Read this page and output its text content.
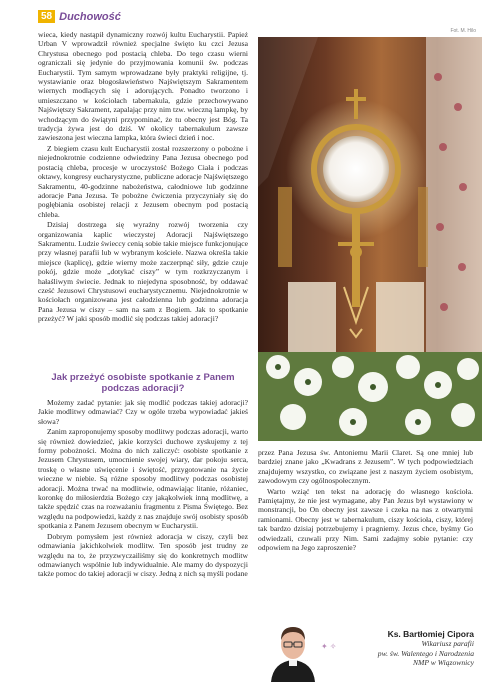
58 Duchowość
Fot. M. Hilo

wieca, kiedy nastąpił dynamiczny rozwój kultu Eucharystii. Papież Urban V wprowadził również specjalne święto ku czci Jezusa Chrystusa obecnego pod postacią chleba. Do tego czasu wierni ograniczali się jedynie do przyjmowania komunii św. podczas Eucharystii. Tym samym wprowadzane były praktyki religijne, tj. wystawianie oraz błogosławieństwo Najświętszym Sakramentem wiernych modlących się i adorujących. Ponadto tworzono i umieszczano w kościołach tabernakula, gdzie przechowywano Najświętszy Sakrament, zapalając przy nim tzw. wieczną lampkę, by wchodzącym do świątyni przypominać, że tu obecny jest Bóg. Ta tradycja żywa jest do dziś. W okolicy tabernakulum zawsze zawieszona jest wieczna lampka, która świeci dzień i noc.

Z biegiem czasu kult Eucharystii został rozszerzony o pobożne i niejednokrotnie codzienne odwiedziny Pana Jezusa obecnego pod postacią chleba, procesje w uroczystość Bożego Ciała i podczas oktawy, kongresy eucharystyczne, publiczne adoracje Najświętszego Sakramentu, 40-godzinne nabożeństwa, całodniowe lub godzinne adoracje Pana Jezusa. Te pobożne ćwiczenia przyczyniały się do pogłębiania osobistej relacji z Jezusem obecnym pod postacią chleba.

Dzisiaj dostrzega się wyraźny rozwój tworzenia czy organizowania kaplic wieczystej Adoracji Najświętszego Sakramentu. Ludzie świeccy cenią sobie takie miejsce funkcjonujące przy własnej parafii lub w wybranym kościele. Nazwa określa takie miejsce (kaplicę), gdzie wierny może zaczerpnąć siły, gdzie czuje pokój, gdzie może „dotykać ciszy” w tym rozkrzyczanym i hałaśliwym świecie. Jednak to niejedyna sposobność, by oddawać cześć Jezusowi Chrystusowi eucharystycznemu. Niejednokrotnie w kościołach organizowana jest całodzienna lub godzinna adoracja Pana Jezusa w ciszy – sam na sam z Bogiem. Jak to spotkanie przeżyć? W jaki sposób modlić się podczas takiej adoracji?

Jak przeżyć osobiste spotkanie z Panem podczas adoracji?

Możemy zadać pytanie: jak się modlić podczas takiej adoracji? Jakie modlitwy odmawiać? Czy w ogóle trzeba wypowiadać jakieś słowa?

Zanim zaproponujemy sposoby modlitwy podczas adoracji, warto się również dowiedzieć, jakie korzyści duchowe zyskujemy z tej formy pobożności. Można do nich zaliczyć: osobiste spotkanie z Jezusem Chrystusem, umocnienie swojej wiary, dar pokoju serca, troskę o własne uświęcenie i świętość, przygotowanie na życie wieczne w niebie. Są różne sposoby modlitwy podczas osobistej adoracji. Można trwać na modlitwie, odmawiając litanie, różaniec, koronkę do miłosierdzia Bożego czy jakąkolwiek inną modlitwę, a także spędzić czas na rozważaniu fragmentu z Pisma Świętego. Bez względu na podpowiedzi, każdy z nas znajduje swój osobisty sposób spotkania z Panem Jezusem obecnym w Eucharystii.

Dobrym pomysłem jest również adoracja w ciszy, czyli bez odmawiania jakichkolwiek modlitw. Ten sposób jest trudny ze względu na to, że przyzwyczailiśmy się do konkretnych modlitw odmawianych wspólnie lub indywidualnie. Ale mamy do dyspozycji także pomoc do takiej adoracji w ciszy. Jedną z nich są myśli podane

przez Pana Jezusa św. Antoniemu Marii Claret. Są one mniej lub bardziej znane jako „Kwadrans z Jezusem”. W tych podpowiedziach znajdujemy wszystko, co związane jest z naszym życiem osobistym, zawodowym czy ogólnospołecznym.

Warto wziąć ten tekst na adorację do własnego kościoła. Pamiętajmy, że nie jest wymagane, aby Pan Jezus był wystawiony w monstrancji, bo On obecny jest zawsze i czeka na nas z otwartymi ramionami. Obecny jest w tabernakulum, ciszy kościoła, ciszy, której tak bardzo dzisiaj potrzebujemy i pragniemy. Jezus chce, byśmy Go odwiedzali, czuwali przy Nim. Sami zadajmy sobie pytanie: czy odpowiem na Jego zaproszenie?

✦ ✧
Ks. Bartłomiej Cipora
Wikariusz parafii
pw. św. Walentego i Narodzenia
NMP w Wiązownicy
